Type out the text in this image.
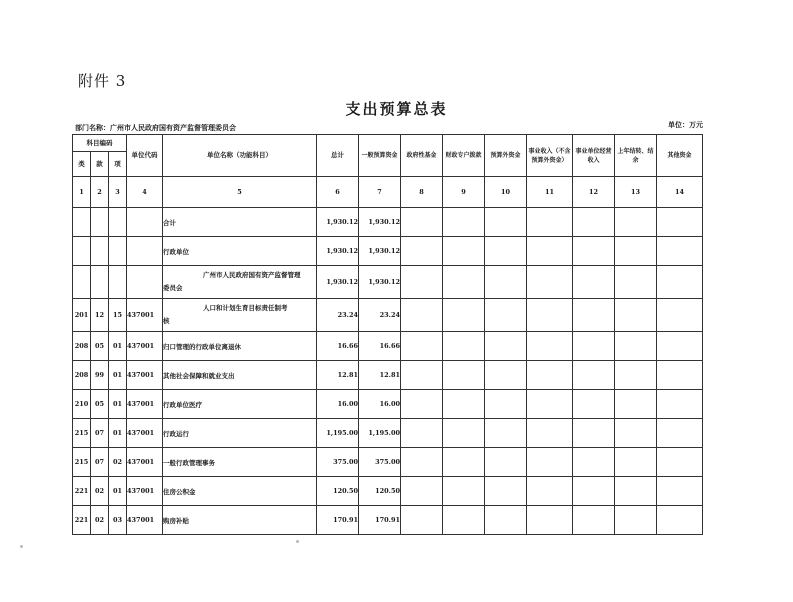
附件 3
支出预算总表
部门名称：广州市人民政府国有资产监督管理委员会	单位：万元
科目编码			单位代码	单位名称（功能科目）	总计	一般预算资金	政府性基金	财政专户拨款	预算外资金	事业收入（不含预算外资金）	事业单位经营收入	上年结转、结余	其他资金
类	款	项											
1	2	3	4	5	6	7	8	9	10	11	12	13	14
				合计	1,930.12	1,930.12							
				行政单位	1,930.12	1,930.12							

				广州市人民政府国有资产监督管理
委员会	1,930.12	1,930.12							
201	12	15	437001	人口和计划生育目标责任制考
核	23.24	23.24							
208	05	01	437001	归口管理的行政单位离退休	16.66	16.66							
208	99	01	437001	其他社会保障和就业支出	12.81	12.81							
210	05	01	437001	行政单位医疗	16.00	16.00							
215	07	01	437001	行政运行	1,195.00	1,195.00							
215	07	02	437001	一般行政管理事务	375.00	375.00							
221	02	01	437001	住房公积金	120.50	120.50							
221	02	03	437001	购房补贴	170.91	170.91							
